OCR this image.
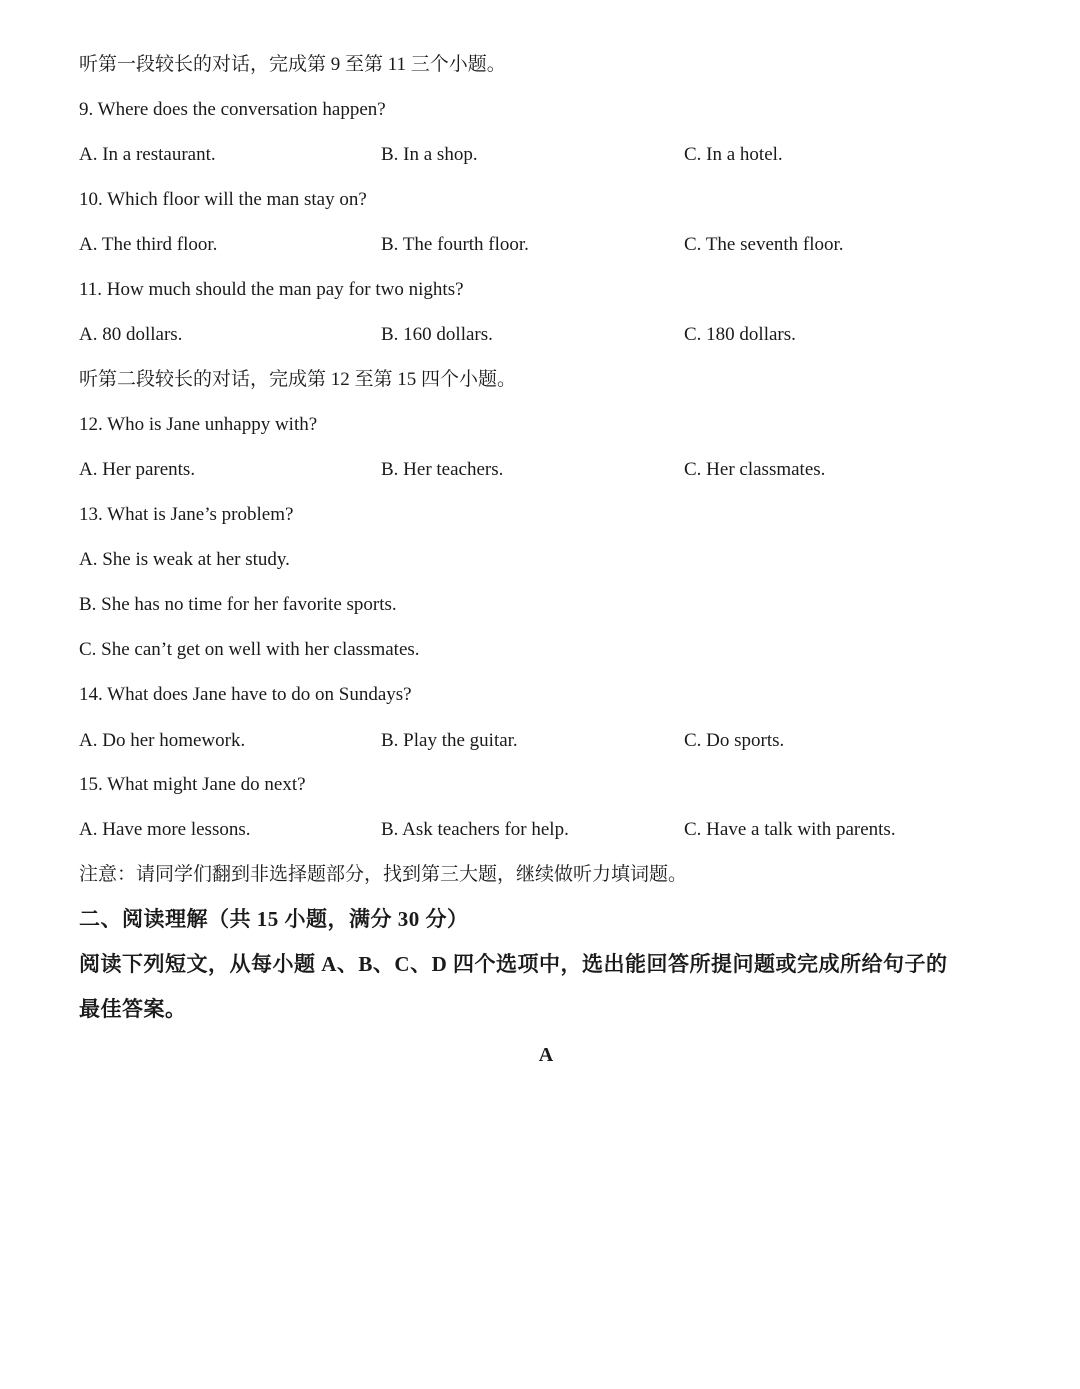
听第一段较长的对话，完成第 9 至第 11 三个小题。
9. Where does the conversation happen?
A. In a restaurant.	B. In a shop.	C. In a hotel.
10. Which floor will the man stay on?
A. The third floor.	B. The fourth floor.	C. The seventh floor.
11. How much should the man pay for two nights?
A. 80 dollars.	B. 160 dollars.	C. 180 dollars.
听第二段较长的对话，完成第 12 至第 15 四个小题。
12. Who is Jane unhappy with?
A. Her parents.	B. Her teachers.	C. Her classmates.
13. What is Jane’s problem?
A. She is weak at her study.
B. She has no time for her favorite sports.
C. She can’t get on well with her classmates.
14. What does Jane have to do on Sundays?
A. Do her homework.	B. Play the guitar.	C. Do sports.
15. What might Jane do next?
A. Have more lessons.	B. Ask teachers for help.	C. Have a talk with parents.
注意：请同学们翻到非选择题部分，找到第三大题，继续做听力填词题。
二、阅读理解（共 15 小题，满分 30 分）
阅读下列短文，从每小题 A、B、C、D 四个选项中，选出能回答所提问题或完成所给句子的
最佳答案。
A
